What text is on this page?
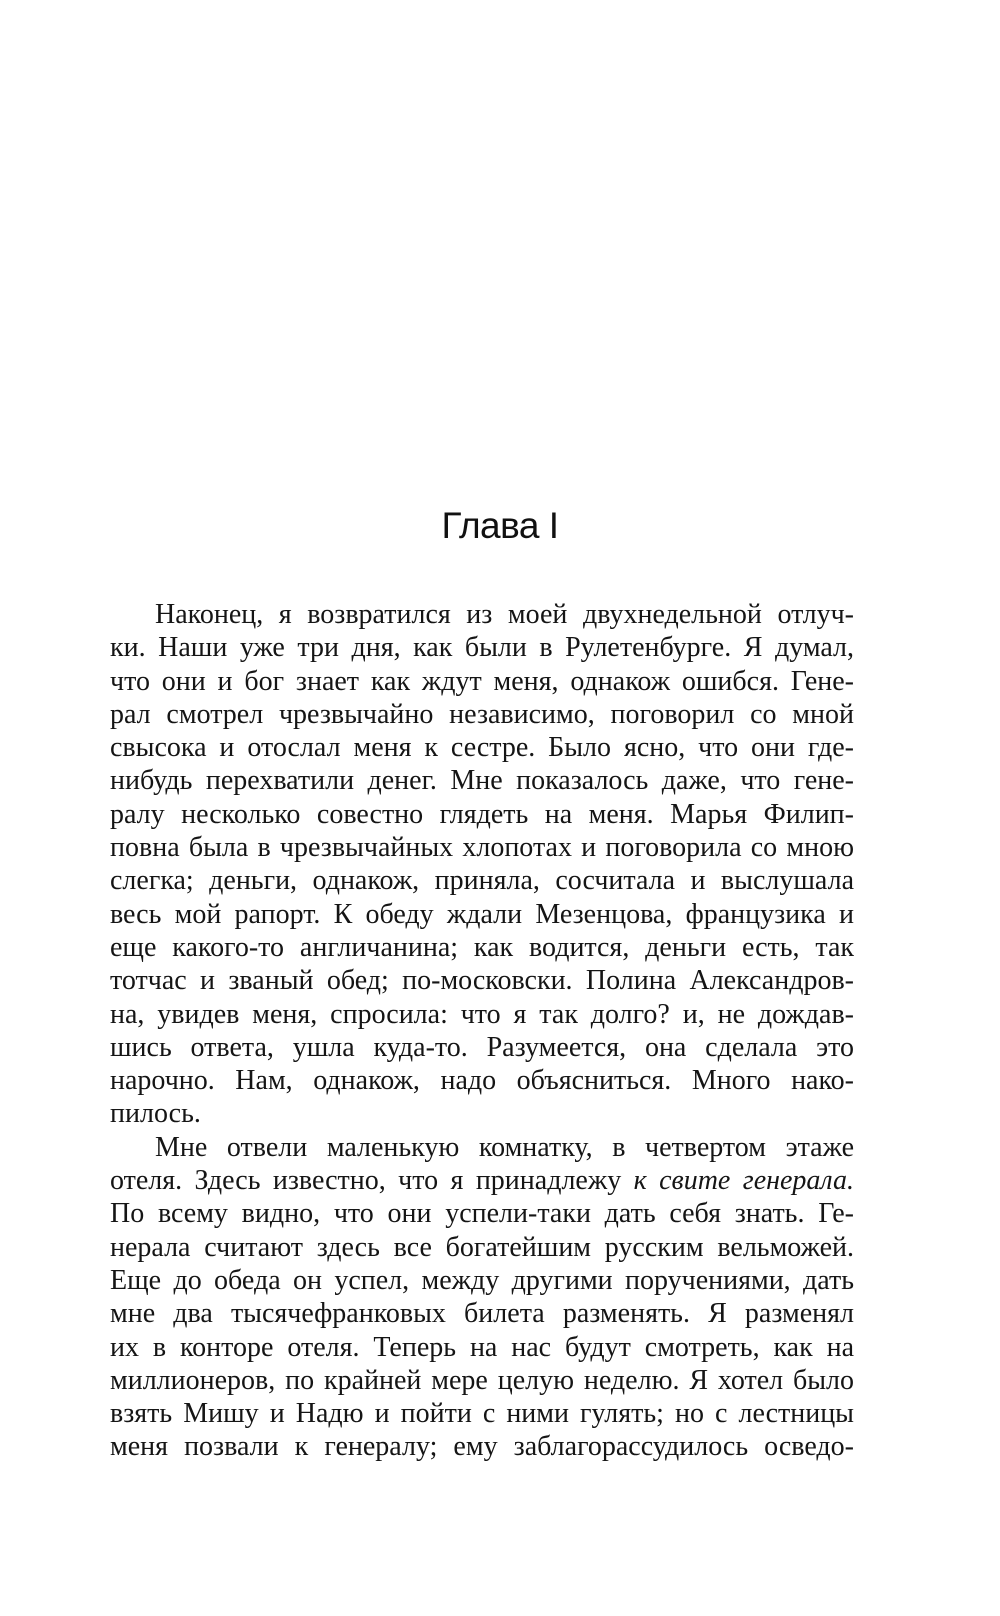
Глава I
Наконец, я возвратился из моей двухнедельной отлуч-
ки. Наши уже три дня, как были в Рулетенбурге. Я думал,
что они и бог знает как ждут меня, однакож ошибся. Гене-
рал смотрел чрезвычайно независимо, поговорил со мной
свысока и отослал меня к сестре. Было ясно, что они где-
нибудь перехватили денег. Мне показалось даже, что гене-
ралу несколько совестно глядеть на меня. Марья Филип-
повна была в чрезвычайных хлопотах и поговорила со мною
слегка; деньги, однакож, приняла, сосчитала и выслушала
весь мой рапорт. К обеду ждали Мезенцова, французика и
еще какого-то англичанина; как водится, деньги есть, так
тотчас и званый обед; по-московски. Полина Александров-
на, увидев меня, спросила: что я так долго? и, не дождав-
шись ответа, ушла куда-то. Разумеется, она сделала это
нарочно. Нам, однакож, надо объясниться. Много нако-
пилось.
Мне отвели маленькую комнатку, в четвертом этаже
отеля. Здесь известно, что я принадлежу к свите генерала.
По всему видно, что они успели-таки дать себя знать. Ге-
нерала считают здесь все богатейшим русским вельможей.
Еще до обеда он успел, между другими поручениями, дать
мне два тысячефранковых билета разменять. Я разменял
их в конторе отеля. Теперь на нас будут смотреть, как на
миллионеров, по крайней мере целую неделю. Я хотел было
взять Мишу и Надю и пойти с ними гулять; но с лестницы
меня позвали к генералу; ему заблагорассудилось осведо-
